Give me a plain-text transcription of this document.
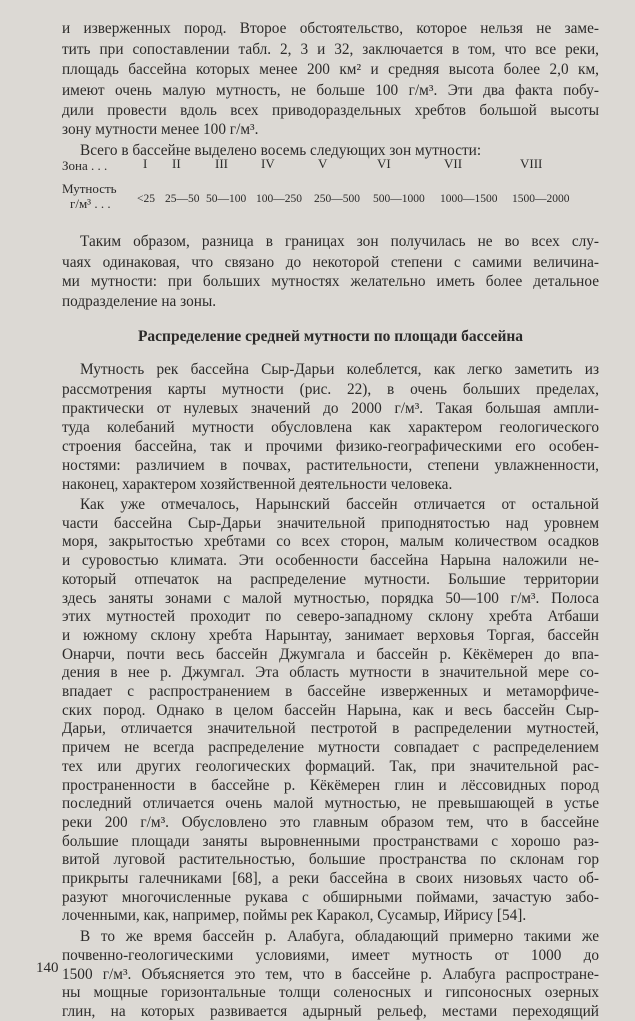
и изверженных пород. Второе обстоятельство, которое нельзя не заме-
тить при сопоставлении табл. 2, 3 и 32, заключается в том, что все реки,
площадь бассейна которых менее 200 км² и средняя высота более 2,0 км,
имеют очень малую мутность, не больше 100 г/м³. Эти два факта побу-
дили провести вдоль всех приводораздельных хребтов большой высоты
зону мутности менее 100 г/м³.
Всего в бассейне выделено восемь следующих зон мутности:
Зона . . .	I II	III	IV	V	VI	VII	VIII
Мутность
г/м³ . . . <25 25—50 50—100 100—250 250—500 500—1000 1000—1500 1500—2000
Таким образом, разница в границах зон получилась не во всех слу-
чаях одинаковая, что связано до некоторой степени с самими величина-
ми мутности: при больших мутностях желательно иметь более детальное
подразделение на зоны.
Распределение средней мутности по площади бассейна
Мутность рек бассейна Сыр-Дарьи колеблется, как легко заметить из
рассмотрения карты мутности (рис. 22), в очень больших пределах,
практически от нулевых значений до 2000 г/м³. Такая большая ампли-
туда колебаний мутности обусловлена как характером геологического
строения бассейна, так и прочими физико-географическими его особен-
ностями: различием в почвах, растительности, степени увлажненности,
наконец, характером хозяйственной деятельности человека.
Как уже отмечалось, Нарынский бассейн отличается от остальной
части бассейна Сыр-Дарьи значительной приподнятостью над уровнем
моря, закрытостью хребтами со всех сторон, малым количеством осадков
и суровостью климата. Эти особенности бассейна Нарына наложили не-
который отпечаток на распределение мутности. Большие территории
здесь заняты зонами с малой мутностью, порядка 50—100 г/м³. Полоса
этих мутностей проходит по северо-западному склону хребта Атбаши
и южному склону хребта Нарынтау, занимает верховья Торгая, бассейн
Онарчи, почти весь бассейн Джумгала и бассейн р. Кёкёмерен до впа-
дения в нее р. Джумгал. Эта область мутности в значительной мере со-
впадает с распространением в бассейне изверженных и метаморфиче-
ских пород. Однако в целом бассейн Нарына, как и весь бассейн Сыр-
Дарьи, отличается значительной пестротой в распределении мутностей,
причем не всегда распределение мутности совпадает с распределением
тех или других геологических формаций. Так, при значительной рас-
пространенности в бассейне р. Кёкёмерен глин и лёссовидных пород
последний отличается очень малой мутностью, не превышающей в устье
реки 200 г/м³. Обусловлено это главным образом тем, что в бассейне
большие площади заняты выровненными пространствами с хорошо раз-
витой луговой растительностью, большие пространства по склонам гор
прикрыты галечниками [68], а реки бассейна в своих низовьях часто об-
разуют многочисленные рукава с обширными поймами, зачастую забо-
лоченными, как, например, поймы рек Каракол, Сусамыр, Ийрису [54].
В то же время бассейн р. Алабуга, обладающий примерно такими же
почвенно-геологическими условиями, имеет мутность от 1000 до
1500 г/м³. Объясняется это тем, что в бассейне р. Алабуга распростране-
ны мощные горизонтальные толщи соленосных и гипсоносных озерных
глин, на которых развивается адырный рельеф, местами переходящий
140
